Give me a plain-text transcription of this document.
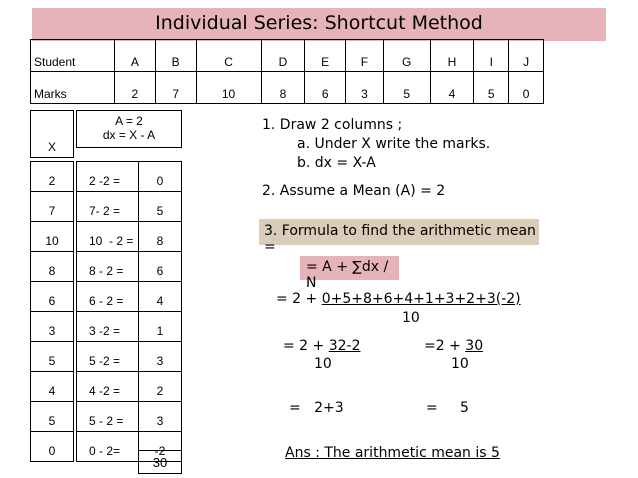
Individual Series: Shortcut Method
Student	A	B	C	D	E	F	G	H	I	J
Marks	2	7	10	8	6	3	5	4	5	0
X
A = 2
dx = X - A
2	2 -2 =	0
7	7- 2 =	5
10	10  - 2 =	8
8	8 - 2 =	6
6	6 - 2 =	4
3	3 -2 =	1
5	5 -2 =	3
4	4 -2 =	2
5	5 - 2 =	3
0	0 - 2=	-2
30
1. Draw 2 columns ;
a. Under X write the marks.
b. dx = X-A
2. Assume a Mean (A) = 2
3. Formula to find the arithmetic mean =
= A + ∑dx / N
= 2 + 0+5+8+6+4+1+3+2+3(-2)
10
= 2 + 32-2
10
=2 + 30
10
=   2+3	=     5
Ans : The arithmetic mean is 5
